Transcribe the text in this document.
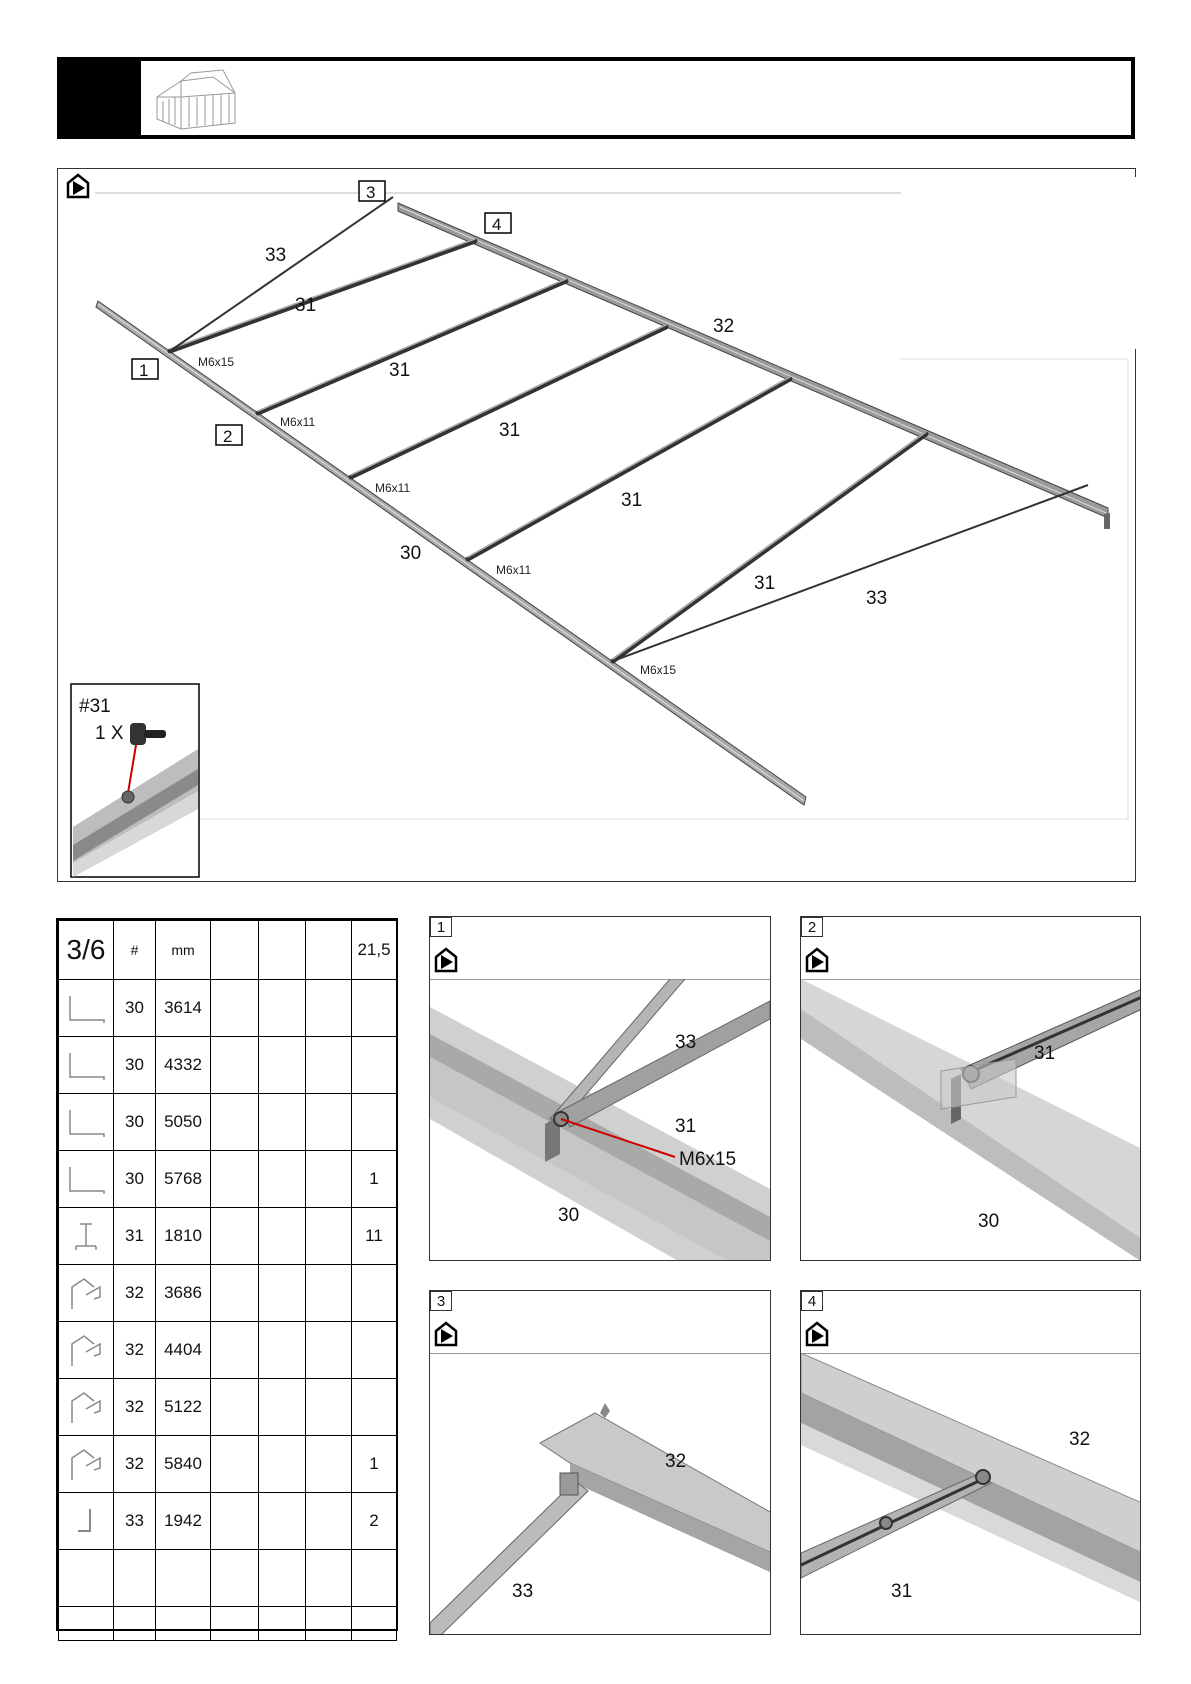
33
31
31
31
31
31
32
30
33
M6x15
M6x11
M6x11
M6x11
M6x15
1
2
3
4
#31
1 X
3/6	#	mm				21,5

	30	3614				

	30	4332				

	30	5050				

	30	5768				1

	31	1810				11

	32	3686				

	32	4404				

	32	5122				

	32	5840				1

	33	1942				2

1
33
31
M6x15
30
2
31
30
3
32
33
4
32
31
